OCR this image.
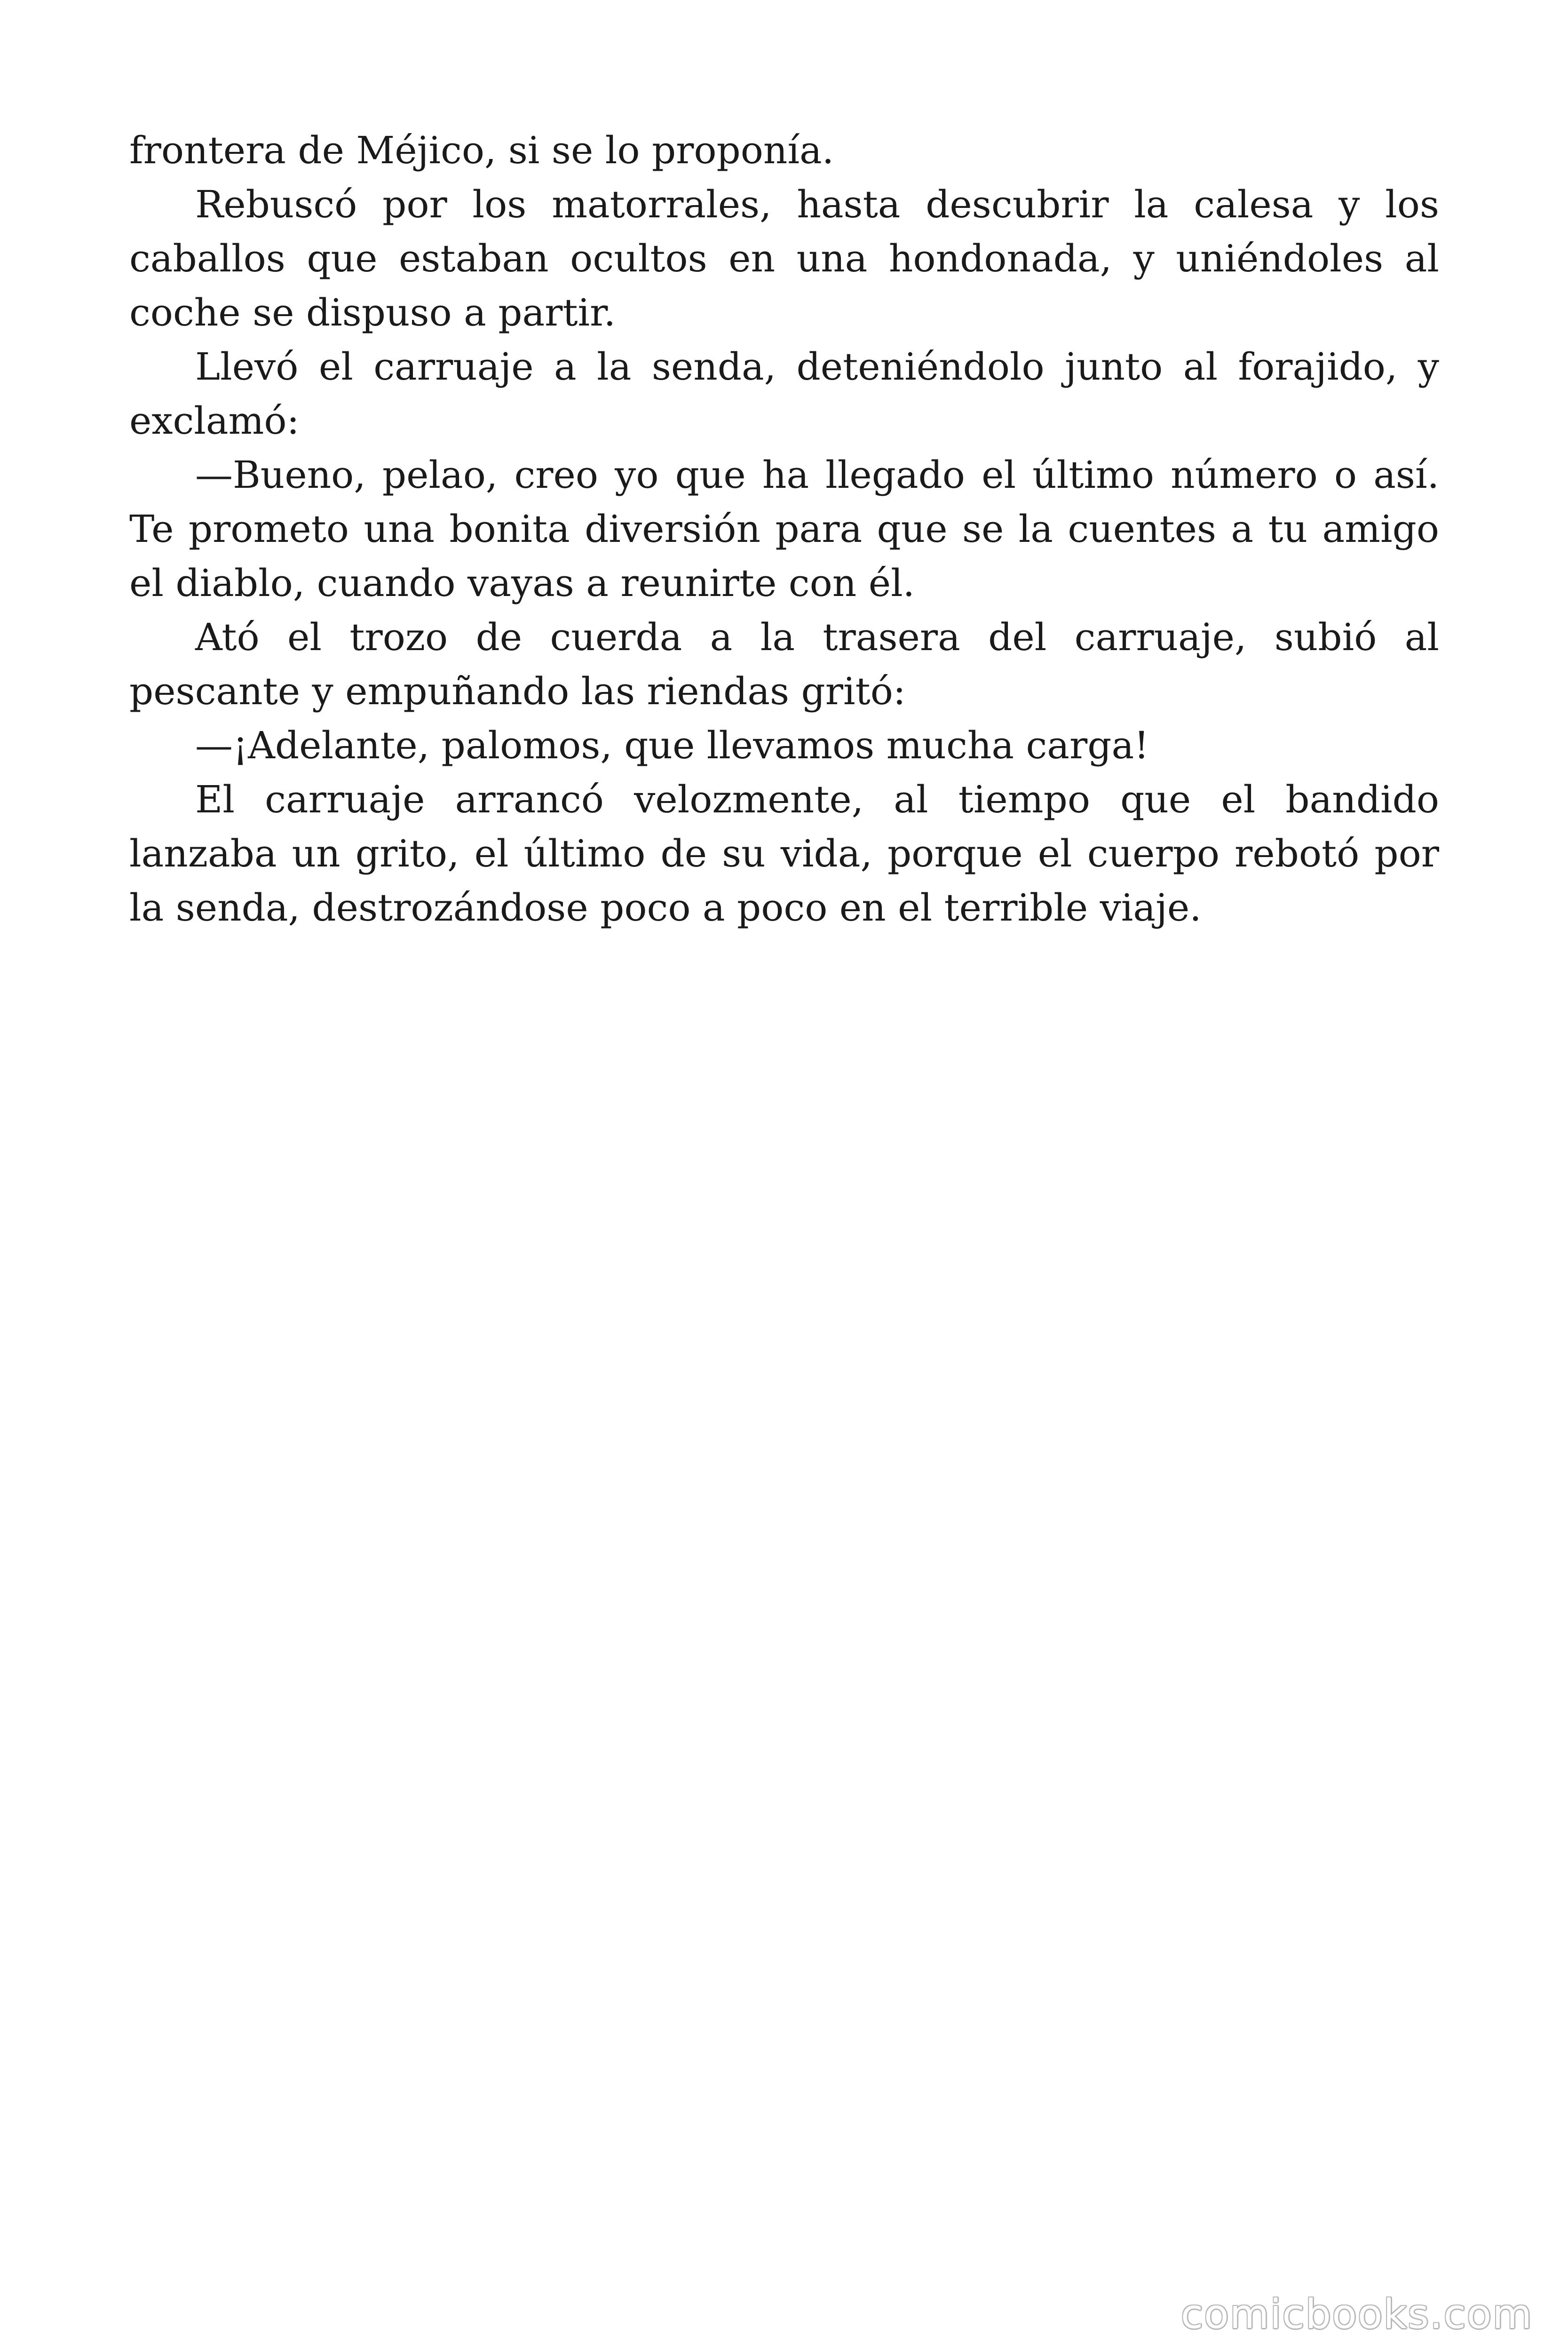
frontera de Méjico, si se lo proponía.

Rebuscó por los matorrales, hasta descubrir la calesa y los caballos que estaban ocultos en una hondonada, y uniéndoles al coche se dispuso a partir.

Llevó el carruaje a la senda, deteniéndolo junto al forajido, y exclamó:

—Bueno, pelao, creo yo que ha llegado el último número o así. Te prometo una bonita diversión para que se la cuentes a tu amigo el diablo, cuando vayas a reunirte con él.

Ató el trozo de cuerda a la trasera del carruaje, subió al pescante y empuñando las riendas gritó:

—¡Adelante, palomos, que llevamos mucha carga!

El carruaje arrancó velozmente, al tiempo que el bandido lanzaba un grito, el último de su vida, porque el cuerpo rebotó por la senda, destrozándose poco a poco en el terrible viaje.

comicbooks.com
